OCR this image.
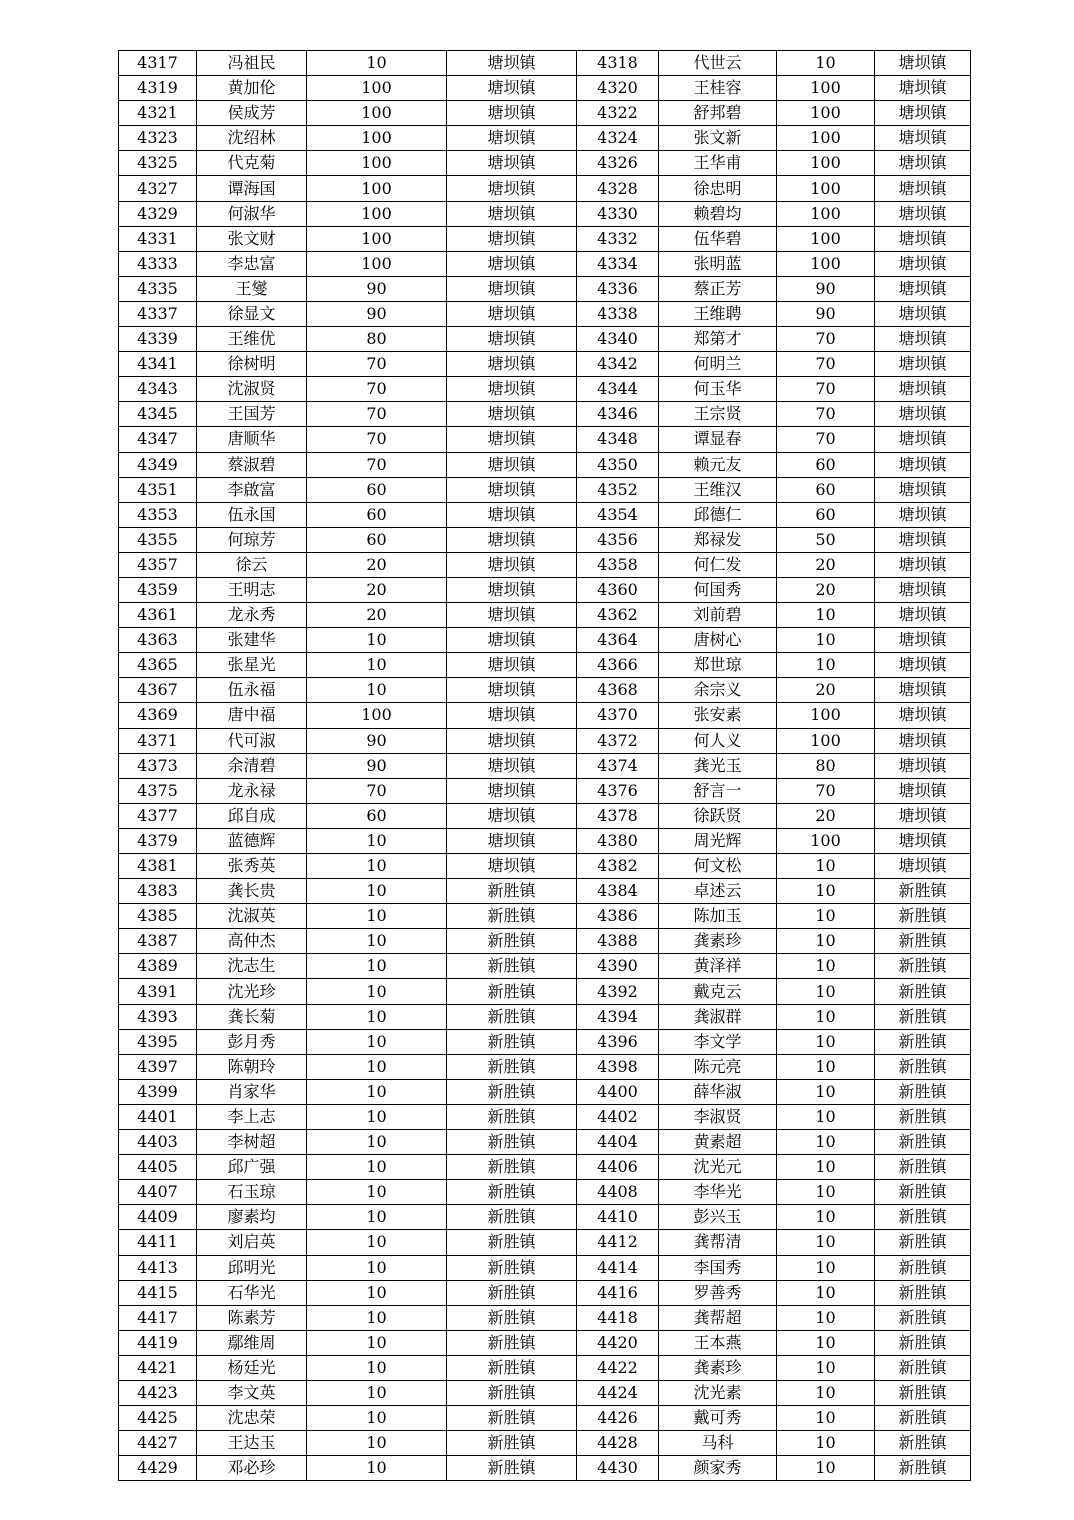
4317	冯祖民	10	塘坝镇	4318	代世云	10	塘坝镇
4319	黄加伦	100	塘坝镇	4320	王桂容	100	塘坝镇
4321	侯成芳	100	塘坝镇	4322	舒邦碧	100	塘坝镇
4323	沈绍林	100	塘坝镇	4324	张文新	100	塘坝镇
4325	代克菊	100	塘坝镇	4326	王华甫	100	塘坝镇
4327	谭海国	100	塘坝镇	4328	徐忠明	100	塘坝镇
4329	何淑华	100	塘坝镇	4330	赖碧均	100	塘坝镇
4331	张文财	100	塘坝镇	4332	伍华碧	100	塘坝镇
4333	李忠富	100	塘坝镇	4334	张明蓝	100	塘坝镇
4335	王燮	90	塘坝镇	4336	蔡正芳	90	塘坝镇
4337	徐显文	90	塘坝镇	4338	王维聘	90	塘坝镇
4339	王维优	80	塘坝镇	4340	郑第才	70	塘坝镇
4341	徐树明	70	塘坝镇	4342	何明兰	70	塘坝镇
4343	沈淑贤	70	塘坝镇	4344	何玉华	70	塘坝镇
4345	王国芳	70	塘坝镇	4346	王宗贤	70	塘坝镇
4347	唐顺华	70	塘坝镇	4348	谭显春	70	塘坝镇
4349	蔡淑碧	70	塘坝镇	4350	赖元友	60	塘坝镇
4351	李啟富	60	塘坝镇	4352	王维汉	60	塘坝镇
4353	伍永国	60	塘坝镇	4354	邱德仁	60	塘坝镇
4355	何琼芳	60	塘坝镇	4356	郑禄发	50	塘坝镇
4357	徐云	20	塘坝镇	4358	何仁发	20	塘坝镇
4359	王明志	20	塘坝镇	4360	何国秀	20	塘坝镇
4361	龙永秀	20	塘坝镇	4362	刘前碧	10	塘坝镇
4363	张建华	10	塘坝镇	4364	唐树心	10	塘坝镇
4365	张星光	10	塘坝镇	4366	郑世琼	10	塘坝镇
4367	伍永福	10	塘坝镇	4368	余宗义	20	塘坝镇
4369	唐中福	100	塘坝镇	4370	张安素	100	塘坝镇
4371	代可淑	90	塘坝镇	4372	何人义	100	塘坝镇
4373	余清碧	90	塘坝镇	4374	龚光玉	80	塘坝镇
4375	龙永禄	70	塘坝镇	4376	舒言一	70	塘坝镇
4377	邱自成	60	塘坝镇	4378	徐跃贤	20	塘坝镇
4379	蓝德辉	10	塘坝镇	4380	周光辉	100	塘坝镇
4381	张秀英	10	塘坝镇	4382	何文松	10	塘坝镇
4383	龚长贵	10	新胜镇	4384	卓述云	10	新胜镇
4385	沈淑英	10	新胜镇	4386	陈加玉	10	新胜镇
4387	高仲杰	10	新胜镇	4388	龚素珍	10	新胜镇
4389	沈志生	10	新胜镇	4390	黄泽祥	10	新胜镇
4391	沈光珍	10	新胜镇	4392	戴克云	10	新胜镇
4393	龚长菊	10	新胜镇	4394	龚淑群	10	新胜镇
4395	彭月秀	10	新胜镇	4396	李文学	10	新胜镇
4397	陈朝玲	10	新胜镇	4398	陈元亮	10	新胜镇
4399	肖家华	10	新胜镇	4400	薛华淑	10	新胜镇
4401	李上志	10	新胜镇	4402	李淑贤	10	新胜镇
4403	李树超	10	新胜镇	4404	黄素超	10	新胜镇
4405	邱广强	10	新胜镇	4406	沈光元	10	新胜镇
4407	石玉琼	10	新胜镇	4408	李华光	10	新胜镇
4409	廖素均	10	新胜镇	4410	彭兴玉	10	新胜镇
4411	刘启英	10	新胜镇	4412	龚帮清	10	新胜镇
4413	邱明光	10	新胜镇	4414	李国秀	10	新胜镇
4415	石华光	10	新胜镇	4416	罗善秀	10	新胜镇
4417	陈素芳	10	新胜镇	4418	龚帮超	10	新胜镇
4419	鄢维周	10	新胜镇	4420	王本燕	10	新胜镇
4421	杨廷光	10	新胜镇	4422	龚素珍	10	新胜镇
4423	李文英	10	新胜镇	4424	沈光素	10	新胜镇
4425	沈忠荣	10	新胜镇	4426	戴可秀	10	新胜镇
4427	王达玉	10	新胜镇	4428	马科	10	新胜镇
4429	邓必珍	10	新胜镇	4430	颜家秀	10	新胜镇
